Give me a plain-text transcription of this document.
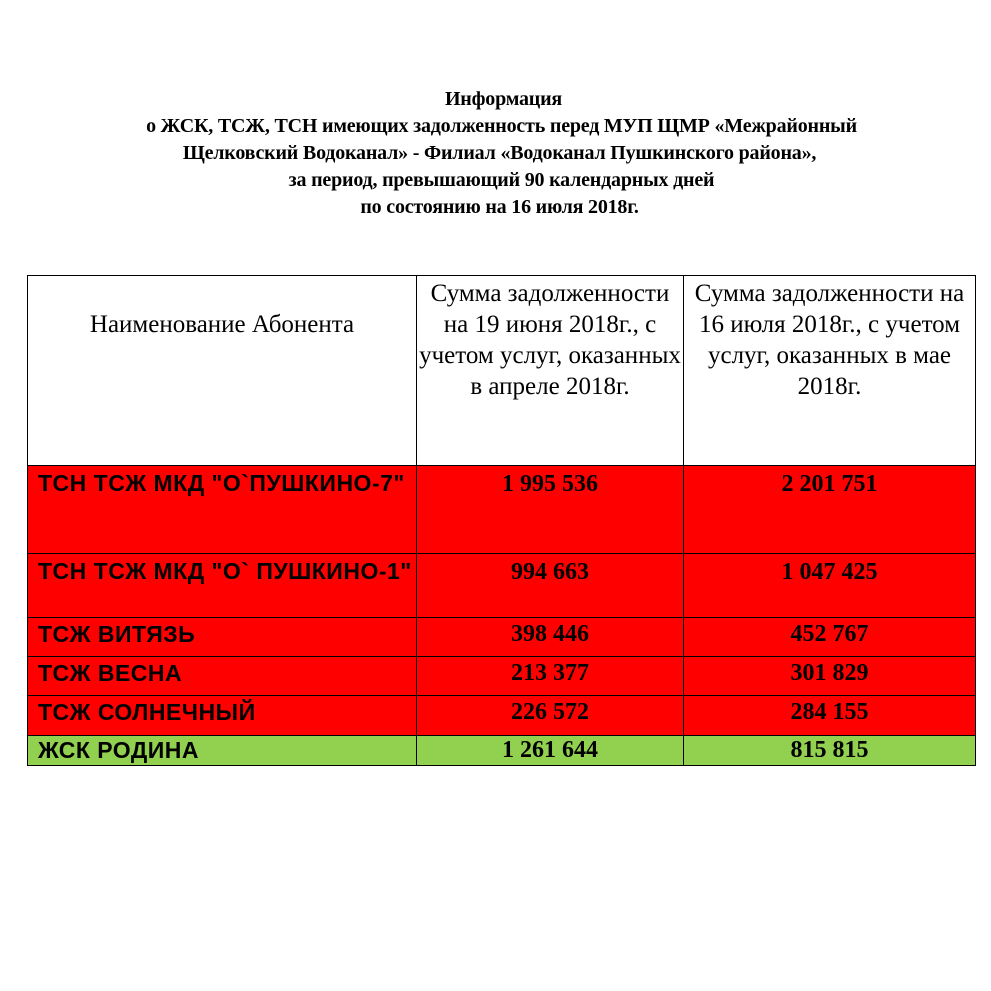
Информация
о ЖСК, ТСЖ, ТСН имеющих задолженность перед МУП ЩМР «Межрайонный
Щелковский Водоканал» - Филиал «Водоканал Пушкинского района»,
за период, превышающий 90 календарных дней
по состоянию на 16 июля 2018г.
Наименование Абонента	Сумма задолженности на 19 июня 2018г., с учетом услуг, оказанных в апреле 2018г.	Сумма задолженности на 16 июля 2018г., с учетом услуг, оказанных в мае 2018г.
ТСН ТСЖ МКД "О`ПУШКИНО-7"	1 995 536	2 201 751
ТСН ТСЖ МКД "О` ПУШКИНО-1"	994 663	1 047 425
ТСЖ ВИТЯЗЬ	398 446	452 767
ТСЖ ВЕСНА	213 377	301 829
ТСЖ СОЛНЕЧНЫЙ	226 572	284 155
ЖСК РОДИНА	1 261 644	815 815
